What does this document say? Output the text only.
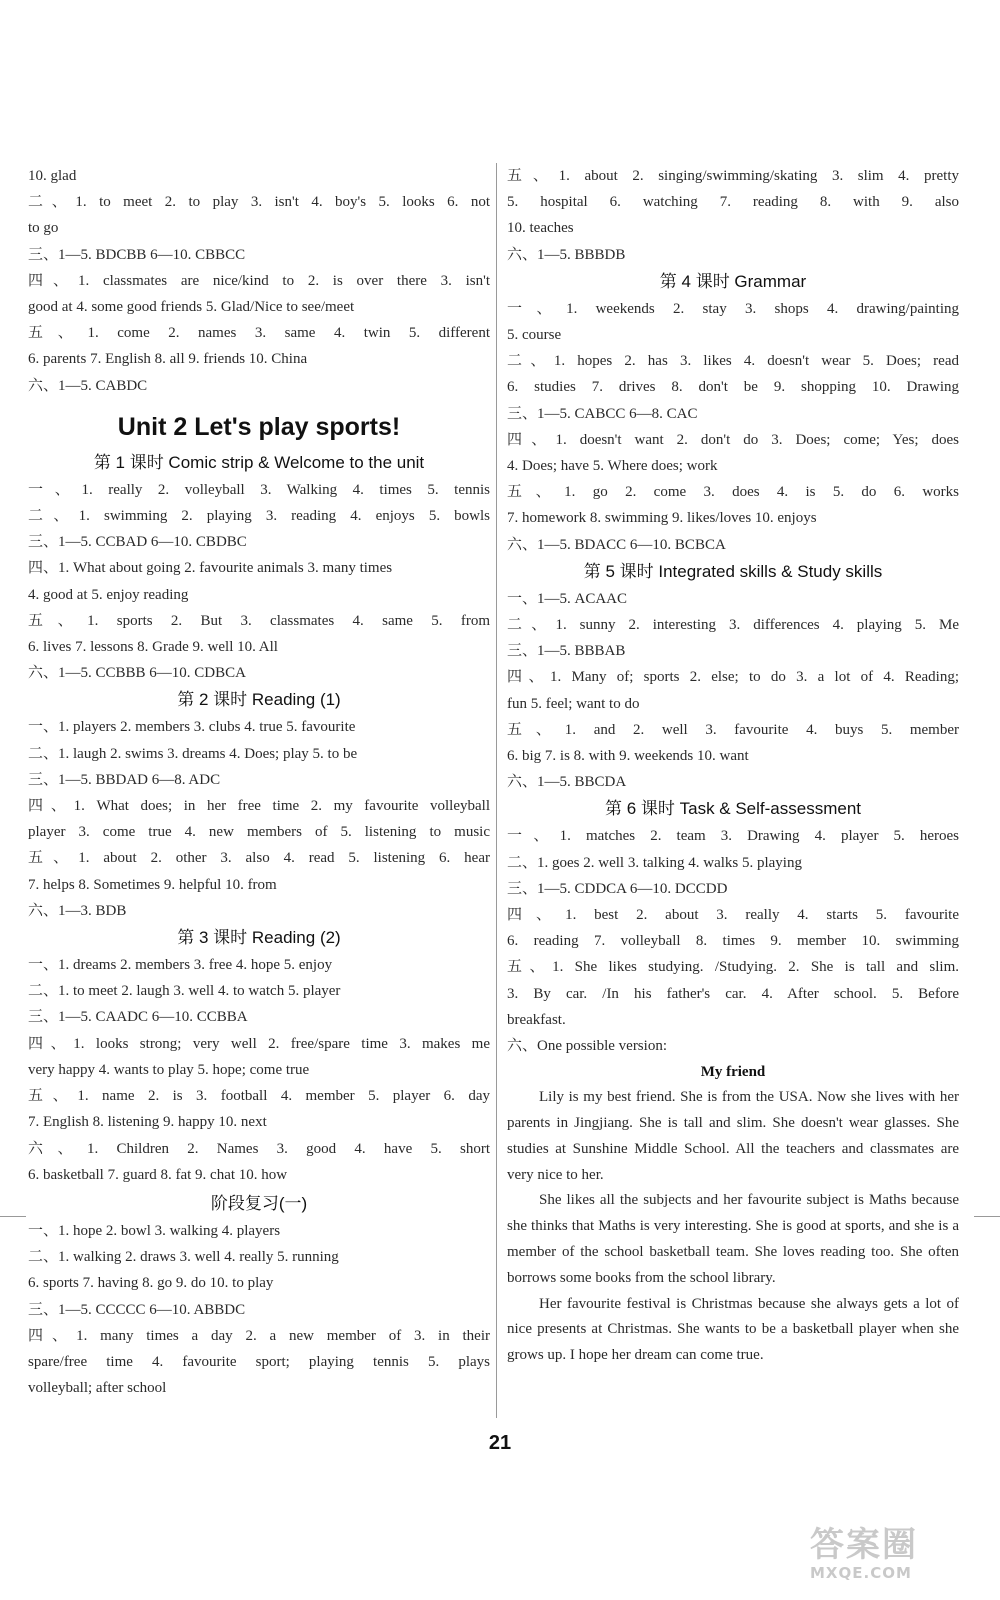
10. glad
二、1. to meet 2. to play 3. isn't 4. boy's 5. looks 6. not
to go
三、1—5. BDCBB 6—10. CBBCC
四、1. classmates are nice/kind to 2. is over there 3. isn't
good at 4. some good friends 5. Glad/Nice to see/meet
五、1. come 2. names 3. same 4. twin 5. different
6. parents 7. English 8. all 9. friends 10. China
六、1—5. CABDC
Unit 2 Let's play sports!
第 1 课时 Comic strip & Welcome to the unit
一、1. really 2. volleyball 3. Walking 4. times 5. tennis
二、1. swimming 2. playing 3. reading 4. enjoys 5. bowls
三、1—5. CCBAD 6—10. CBDBC
四、1. What about going 2. favourite animals 3. many times
4. good at 5. enjoy reading
五、1. sports 2. But 3. classmates 4. same 5. from
6. lives 7. lessons 8. Grade 9. well 10. All
六、1—5. CCBBB 6—10. CDBCA
第 2 课时 Reading (1)
一、1. players 2. members 3. clubs 4. true 5. favourite
二、1. laugh 2. swims 3. dreams 4. Does; play 5. to be
三、1—5. BBDAD 6—8. ADC
四、1. What does; in her free time 2. my favourite volleyball
player 3. come true 4. new members of 5. listening to music
五、1. about 2. other 3. also 4. read 5. listening 6. hear
7. helps 8. Sometimes 9. helpful 10. from
六、1—3. BDB
第 3 课时 Reading (2)
一、1. dreams 2. members 3. free 4. hope 5. enjoy
二、1. to meet 2. laugh 3. well 4. to watch 5. player
三、1—5. CAADC 6—10. CCBBA
四、1. looks strong; very well 2. free/spare time 3. makes me
very happy 4. wants to play 5. hope; come true
五、1. name 2. is 3. football 4. member 5. player 6. day
7. English 8. listening 9. happy 10. next
六、1. Children 2. Names 3. good 4. have 5. short
6. basketball 7. guard 8. fat 9. chat 10. how
阶段复习(一)
一、1. hope 2. bowl 3. walking 4. players
二、1. walking 2. draws 3. well 4. really 5. running
6. sports 7. having 8. go 9. do 10. to play
三、1—5. CCCCC 6—10. ABBDC
四、1. many times a day 2. a new member of 3. in their
spare/free time 4. favourite sport; playing tennis 5. plays
volleyball; after school
五、1. about 2. singing/swimming/skating 3. slim 4. pretty
5. hospital 6. watching 7. reading 8. with 9. also
10. teaches
六、1—5. BBBDB
第 4 课时 Grammar
一、1. weekends 2. stay 3. shops 4. drawing/painting
5. course
二、1. hopes 2. has 3. likes 4. doesn't wear 5. Does; read
6. studies 7. drives 8. don't be 9. shopping 10. Drawing
三、1—5. CABCC 6—8. CAC
四、1. doesn't want 2. don't do 3. Does; come; Yes; does
4. Does; have 5. Where does; work
五、1. go 2. come 3. does 4. is 5. do 6. works
7. homework 8. swimming 9. likes/loves 10. enjoys
六、1—5. BDACC 6—10. BCBCA
第 5 课时 Integrated skills & Study skills
一、1—5. ACAAC
二、1. sunny 2. interesting 3. differences 4. playing 5. Me
三、1—5. BBBAB
四、1. Many of; sports 2. else; to do 3. a lot of 4. Reading;
fun 5. feel; want to do
五、1. and 2. well 3. favourite 4. buys 5. member
6. big 7. is 8. with 9. weekends 10. want
六、1—5. BBCDA
第 6 课时 Task & Self-assessment
一、1. matches 2. team 3. Drawing 4. player 5. heroes
二、1. goes 2. well 3. talking 4. walks 5. playing
三、1—5. CDDCA 6—10. DCCDD
四、1. best 2. about 3. really 4. starts 5. favourite
6. reading 7. volleyball 8. times 9. member 10. swimming
五、1. She likes studying. /Studying. 2. She is tall and slim.
3. By car. /In his father's car. 4. After school. 5. Before
breakfast.
六、One possible version:
My friend
Lily is my best friend. She is from the USA. Now she lives with her parents in Jingjiang. She is tall and slim. She doesn't wear glasses. She studies at Sunshine Middle School. All the teachers and classmates are very nice to her.
She likes all the subjects and her favourite subject is Maths because she thinks that Maths is very interesting. She is good at sports, and she is a member of the school basketball team. She loves reading too. She often borrows some books from the school library.
Her favourite festival is Christmas because she always gets a lot of nice presents at Christmas. She wants to be a basketball player when she grows up. I hope her dream can come true.
21
答案圈
MXQE.COM
